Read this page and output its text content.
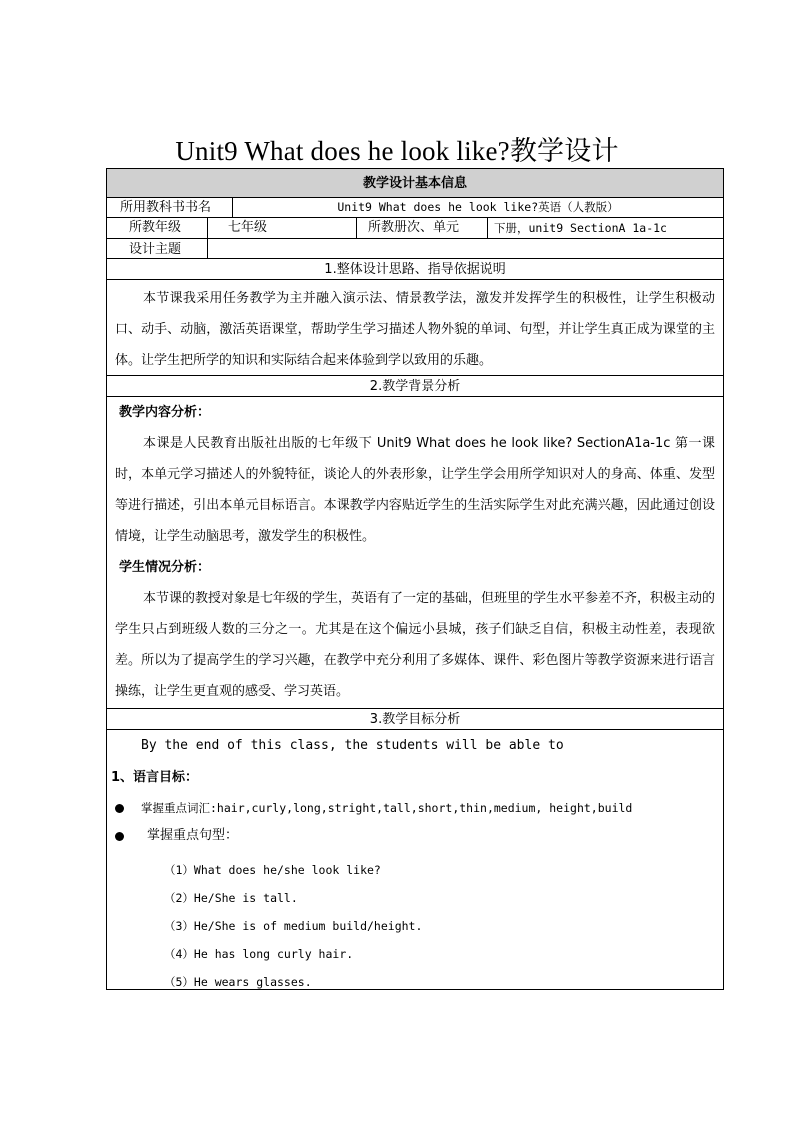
Unit9 What does he look like?教学设计
教学设计基本信息
所用教科书书名	Unit9 What does he look like?英语（人教版）
所教年级	七年级	所教册次、单元	下册，unit9 SectionA 1a-1c
设计主题
1.整体设计思路、指导依据说明
本节课我采用任务教学为主并融入演示法、情景教学法，激发并发挥学生的积极性，让学生积极动口、动手、动脑，激活英语课堂，帮助学生学习描述人物外貌的单词、句型，并让学生真正成为课堂的主体。让学生把所学的知识和实际结合起来体验到学以致用的乐趣。
2.教学背景分析
教学内容分析：
本课是人民教育出版社出版的七年级下 Unit9 What does he look like? SectionA1a-1c 第一课时，本单元学习描述人的外貌特征，谈论人的外表形象，让学生学会用所学知识对人的身高、体重、发型等进行描述，引出本单元目标语言。本课教学内容贴近学生的生活实际学生对此充满兴趣，因此通过创设情境，让学生动脑思考，激发学生的积极性。
学生情况分析：
本节课的教授对象是七年级的学生，英语有了一定的基础，但班里的学生水平参差不齐，积极主动的学生只占到班级人数的三分之一。尤其是在这个偏远小县城，孩子们缺乏自信，积极主动性差，表现欲差。所以为了提高学生的学习兴趣，在教学中充分利用了多媒体、课件、彩色图片等教学资源来进行语言操练，让学生更直观的感受、学习英语。
3.教学目标分析
By the end of this class, the students will be able to
1、语言目标：
掌握重点词汇:hair,curly,long,stright,tall,short,thin,medium, height,build
掌握重点句型：
（1）What does he/she look like?
（2）He/She is tall.
（3）He/She is of medium build/height.
（4）He has long curly hair.
（5）He wears glasses.
